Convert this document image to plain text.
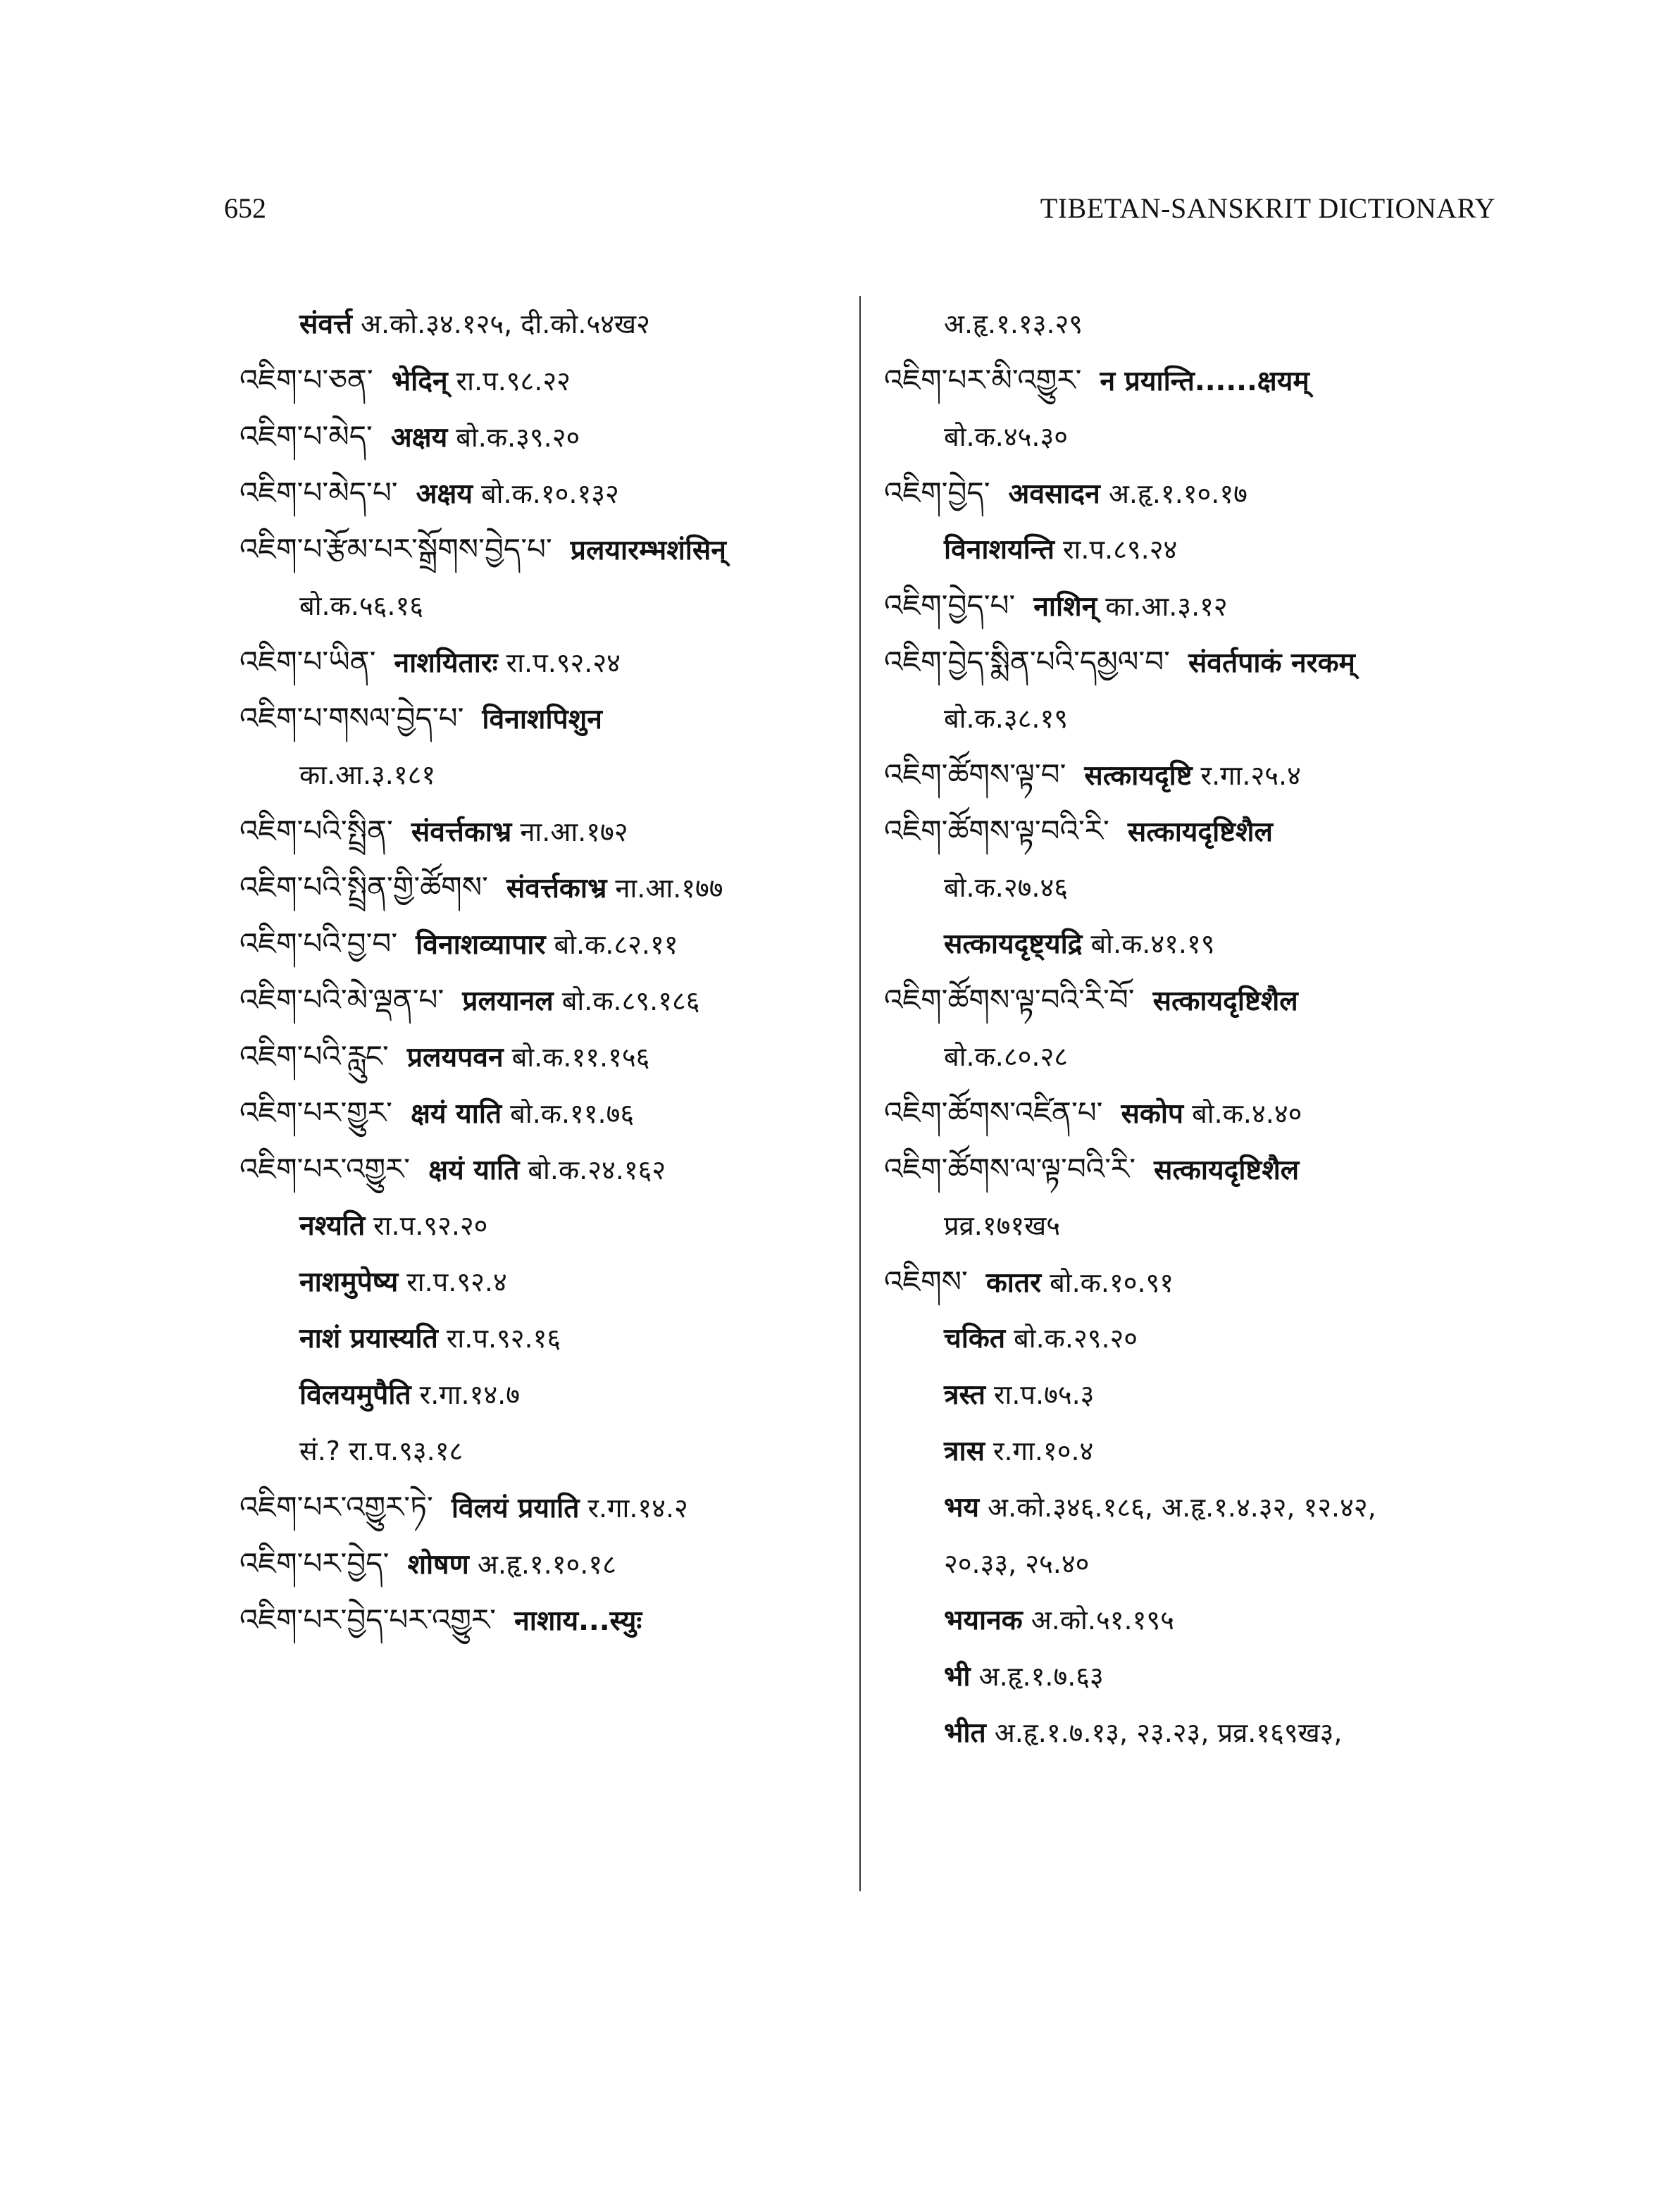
652	TIBETAN-SANSKRIT DICTIONARY
संवर्त्त अ.को.३४.१२५, दी.को.५४ख२
འཇིག་པ་ཅན་ भेदिन् रा.प.९८.२२
འཇིག་པ་མེད་ अक्षय बो.क.३९.२०
འཇིག་པ་མེད་པ་ अक्षय बो.क.१०.१३२
འཇིག་པ་རྩོམ་པར་སྒྲོགས་བྱེད་པ་ प्रलयारम्भशंसिन्
बो.क.५६.१६
འཇིག་པ་ཡིན་ नाशयितारः रा.प.९२.२४
འཇིག་པ་གསལ་བྱེད་པ་ विनाशपिशुन
का.आ.३.१८१
འཇིག་པའི་སྤྲིན་ संवर्त्तकाभ्र ना.आ.१७२
འཇིག་པའི་སྤྲིན་གྱི་ཚོགས་ संवर्त्तकाभ्र ना.आ.१७७
འཇིག་པའི་བྱ་བ་ विनाशव्यापार बो.क.८२.११
འཇིག་པའི་མེ་ལྡན་པ་ प्रलयानल बो.क.८९.१८६
འཇིག་པའི་རླུང་ प्रलयपवन बो.क.११.१५६
འཇིག་པར་གྱུར་ क्षयं याति बो.क.११.७६
འཇིག་པར་འགྱུར་ क्षयं याति बो.क.२४.१६२
नश्यति रा.प.९२.२०
नाशमुपेष्य रा.प.९२.४
नाशं प्रयास्यति रा.प.९२.१६
विलयमुपैति र.गा.१४.७
सं.? रा.प.९३.१८
འཇིག་པར་འགྱུར་ཏེ་ विलयं प्रयाति र.गा.१४.२
འཇིག་པར་བྱེད་ शोषण अ.हृ.१.१०.१८
འཇིག་པར་བྱེད་པར་འགྱུར་ नाशाय...स्युः
अ.हृ.१.१३.२९
འཇིག་པར་མི་འགྱུར་ न प्रयान्ति......क्षयम्
बो.क.४५.३०
འཇིག་བྱེད་ अवसादन अ.हृ.१.१०.१७
विनाशयन्ति रा.प.८९.२४
འཇིག་བྱེད་པ་ नाशिन् का.आ.३.१२
འཇིག་བྱེད་སྨིན་པའི་དམྱལ་བ་ संवर्तपाकं नरकम्
बो.क.३८.१९
འཇིག་ཚོགས་ལྟ་བ་ सत्कायदृष्टि र.गा.२५.४
འཇིག་ཚོགས་ལྟ་བའི་རི་ सत्कायदृष्टिशैल
बो.क.२७.४६
सत्कायदृष्ट्यद्रि बो.क.४१.१९
འཇིག་ཚོགས་ལྟ་བའི་རི་བོ་ सत्कायदृष्टिशैल
बो.क.८०.२८
འཇིག་ཚོགས་འཛིན་པ་ सकोप बो.क.४.४०
འཇིག་ཚོགས་ལ་ལྟ་བའི་རི་ सत्कायदृष्टिशैल
प्रव्र.१७१ख५
འཇིགས་ कातर बो.क.१०.९१
चकित बो.क.२९.२०
त्रस्त रा.प.७५.३
त्रास र.गा.१०.४
भय अ.को.३४६.१८६, अ.हृ.१.४.३२, १२.४२,
२०.३३, २५.४०
भयानक अ.को.५१.१९५
भी अ.हृ.१.७.६३
भीत अ.हृ.१.७.१३, २३.२३, प्रव्र.१६९ख३,
